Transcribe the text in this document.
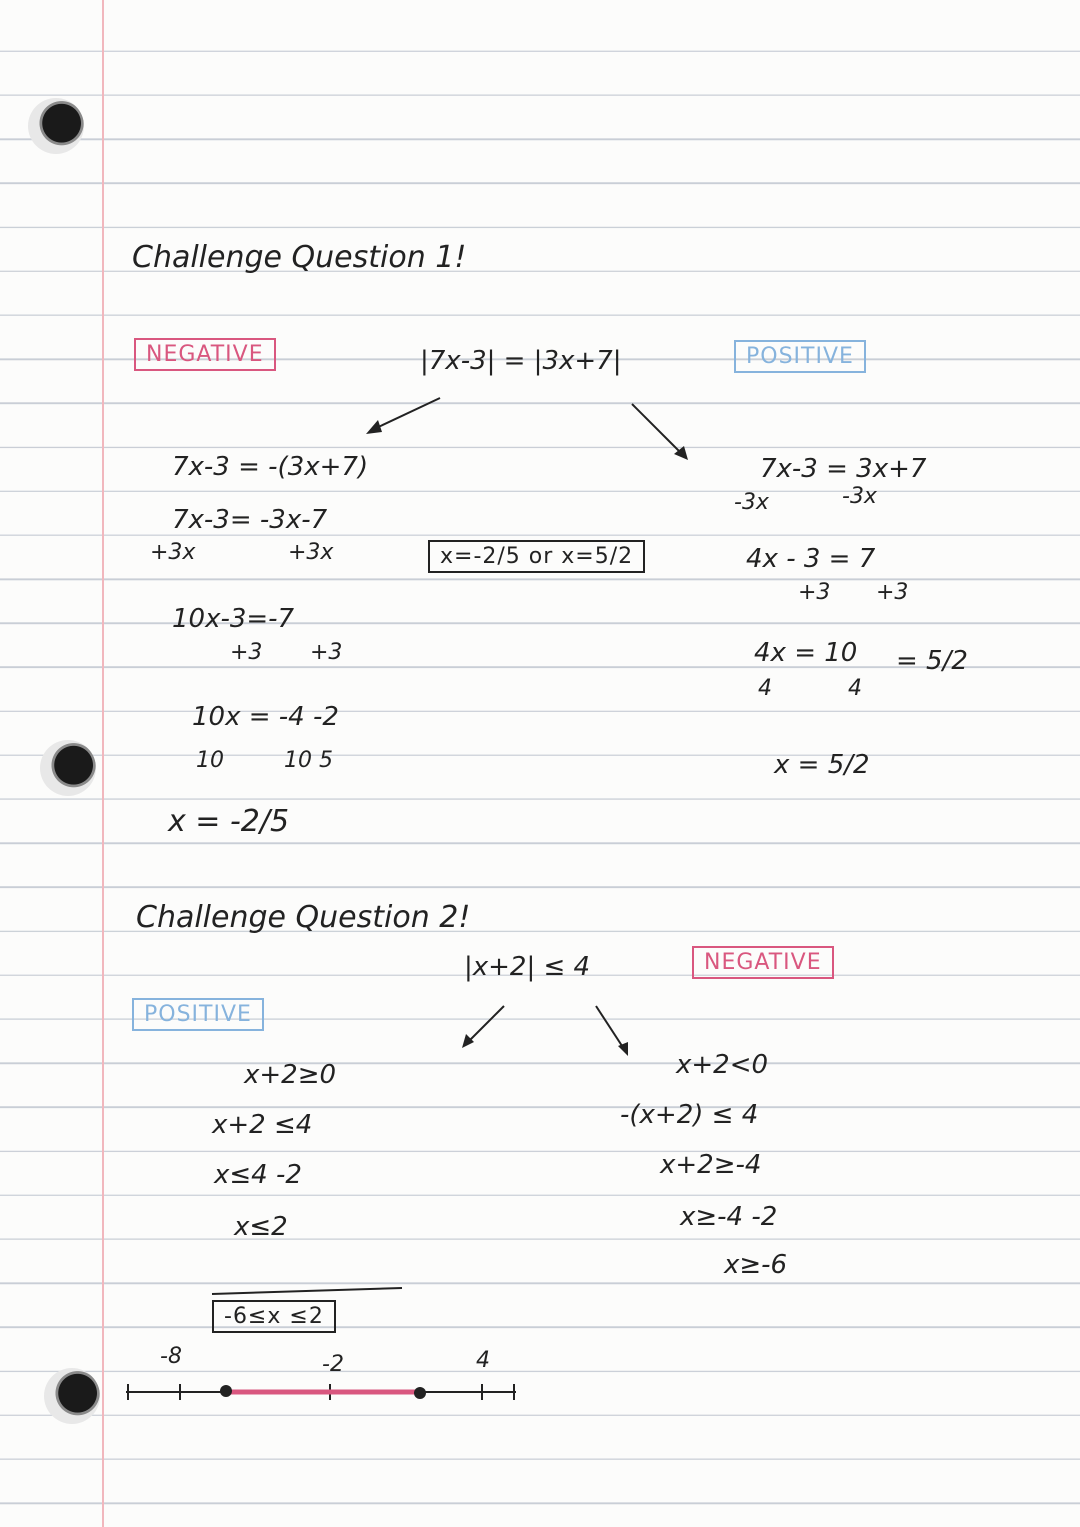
Challenge Question 1!
NEGATIVE	|7x-3| = |3x+7|	POSITIVE
7x-3 = -(3x+7)
7x-3= -3x-7
+3x	+3x
10x-3=-7
+3 +3
10x = -4 -2
10	10 5
x = -2/5
x=-2/5 or x=5/2
7x-3 = 3x+7
-3x	-3x
4x - 3 = 7
+3 +3
4x = 10
4	4
= 5/2
x = 5/2
Challenge Question 2!
|x+2| ≤ 4
POSITIVE
NEGATIVE
x+2≥0
x+2 ≤4
x≤4 -2
x≤2
x+2<0
-(x+2) ≤ 4
x+2≥-4
x≥-4 -2
x≥-6
-6≤x ≤2
-8	-2	4
